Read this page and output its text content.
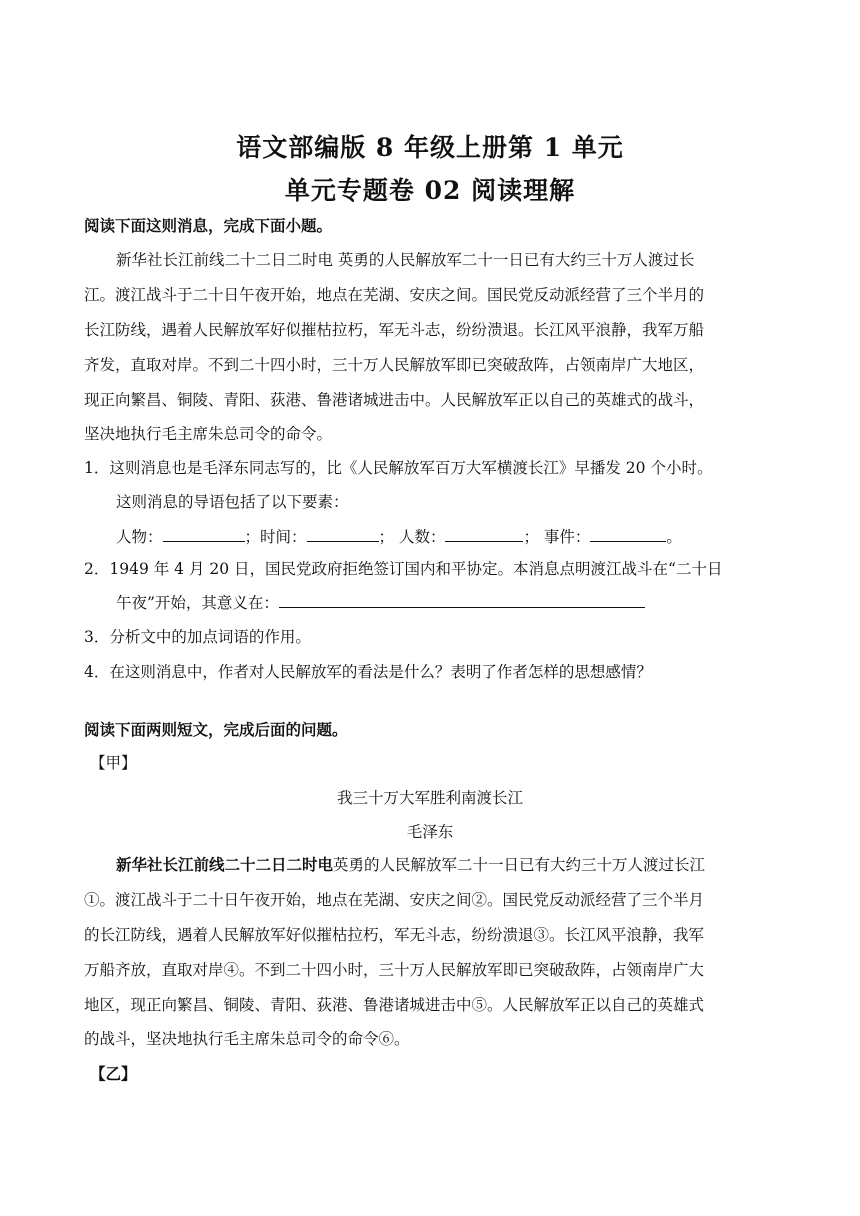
语文部编版 8 年级上册第 1 单元
单元专题卷 02 阅读理解
阅读下面这则消息，完成下面小题。
新华社长江前线二十二日二时电 英勇的人民解放军二十一日已有大约三十万人渡过长
江。渡江战斗于二十日午夜开始，地点在芜湖、安庆之间。国民党反动派经营了三个半月的
长江防线，遇着人民解放军好似摧枯拉朽，军无斗志，纷纷溃退。长江风平浪静，我军万船
齐发，直取对岸。不到二十四小时，三十万人民解放军即已突破敌阵，占领南岸广大地区，
现正向繁昌、铜陵、青阳、荻港、鲁港诸城进击中。人民解放军正以自己的英雄式的战斗，
坚决地执行毛主席朱总司令的命令。
1．这则消息也是毛泽东同志写的，比《人民解放军百万大军横渡长江》早播发 20 个小时。
这则消息的导语包括了以下要素：
人物：	；时间：	； 人数：	； 事件：	。
2．1949 年 4 月 20 日，国民党政府拒绝签订国内和平协定。本消息点明渡江战斗在“二十日
午夜”开始，其意义在：
3．分析文中的加点词语的作用。
4．在这则消息中，作者对人民解放军的看法是什么？表明了作者怎样的思想感情？
阅读下面两则短文，完成后面的问题。
【甲】
我三十万大军胜利南渡长江
毛泽东
新华社长江前线二十二日二时电英勇的人民解放军二十一日已有大约三十万人渡过长江
①。渡江战斗于二十日午夜开始，地点在芜湖、安庆之间②。国民党反动派经营了三个半月
的长江防线，遇着人民解放军好似摧枯拉朽，军无斗志，纷纷溃退③。长江风平浪静，我军
万船齐放，直取对岸④。不到二十四小时，三十万人民解放军即已突破敌阵，占领南岸广大
地区，现正向繁昌、铜陵、青阳、荻港、鲁港诸城进击中⑤。人民解放军正以自己的英雄式
的战斗，坚决地执行毛主席朱总司令的命令⑥。
【乙】
